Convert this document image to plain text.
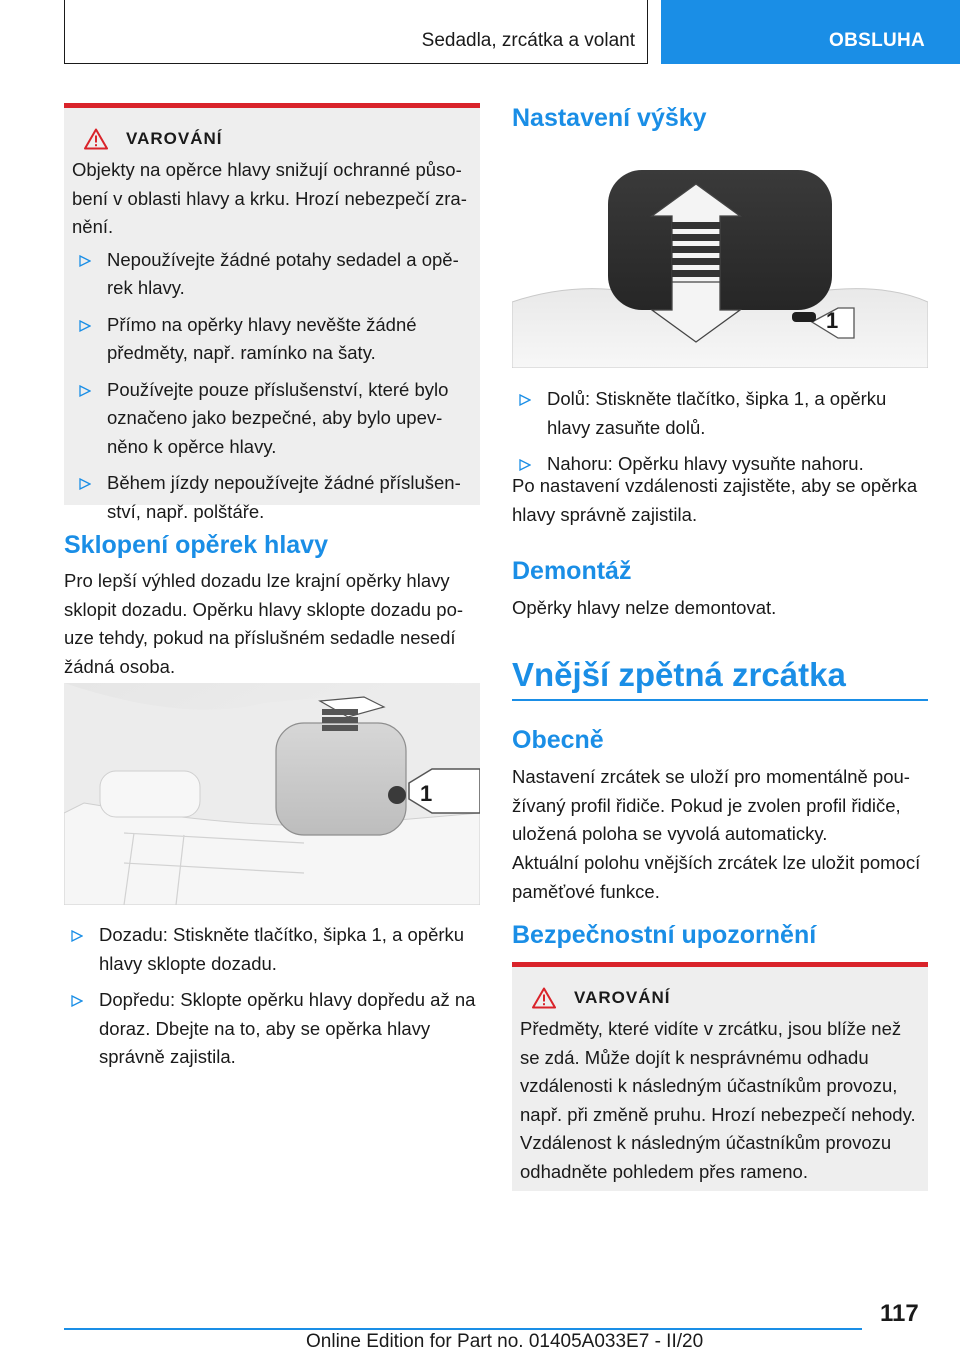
Sedadla, zrcátka a volant	OBSLUHA
VAROVÁNÍ

Objekty na opěrce hlavy snižují ochranné působení v oblasti hlavy a krku. Hrozí nebezpečí zranění.

Nepoužívejte žádné potahy sedadel a opěrek hlavy.
Přímo na opěrky hlavy nevěšte žádné předměty, např. ramínko na šaty.
Používejte pouze příslušenství, které bylo označeno jako bezpečné, aby bylo upevněno k opěrce hlavy.
Během jízdy nepoužívejte žádné příslušenství, např. polštáře.
Sklopení opěrek hlavy

Pro lepší výhled dozadu lze krajní opěrky hlavy sklopit dozadu. Opěrku hlavy sklopte dozadu pouze tehdy, pokud na příslušném sedadle nesedí žádná osoba.

1
Dozadu: Stiskněte tlačítko, šipka 1, a opěrku hlavy sklopte dozadu.
Dopředu: Sklopte opěrku hlavy dopředu až na doraz. Dbejte na to, aby se opěrka hlavy správně zajistila.
Nastavení výšky
1
Dolů: Stiskněte tlačítko, šipka 1, a opěrku hlavy zasuňte dolů.
Nahoru: Opěrku hlavy vysuňte nahoru.

Po nastavení vzdálenosti zajistěte, aby se opěrka hlavy správně zajistila.

Demontáž

Opěrky hlavy nelze demontovat.

Vnější zpětná zrcátka
Obecně

Nastavení zrcátek se uloží pro momentálně používaný profil řidiče. Pokud je zvolen profil řidiče, uložená poloha se vyvolá automaticky.

Aktuální polohu vnějších zrcátek lze uložit pomocí paměťové funkce.

Bezpečnostní upozornění
VAROVÁNÍ

Předměty, které vidíte v zrcátku, jsou blíže než se zdá. Může dojít k nesprávnému odhadu vzdálenosti k následným účastníkům provozu, např. při změně pruhu. Hrozí nebezpečí nehody. Vzdálenost k následným účastníkům provozu odhadněte pohledem přes rameno.

117
Online Edition for Part no. 01405A033E7 - II/20
